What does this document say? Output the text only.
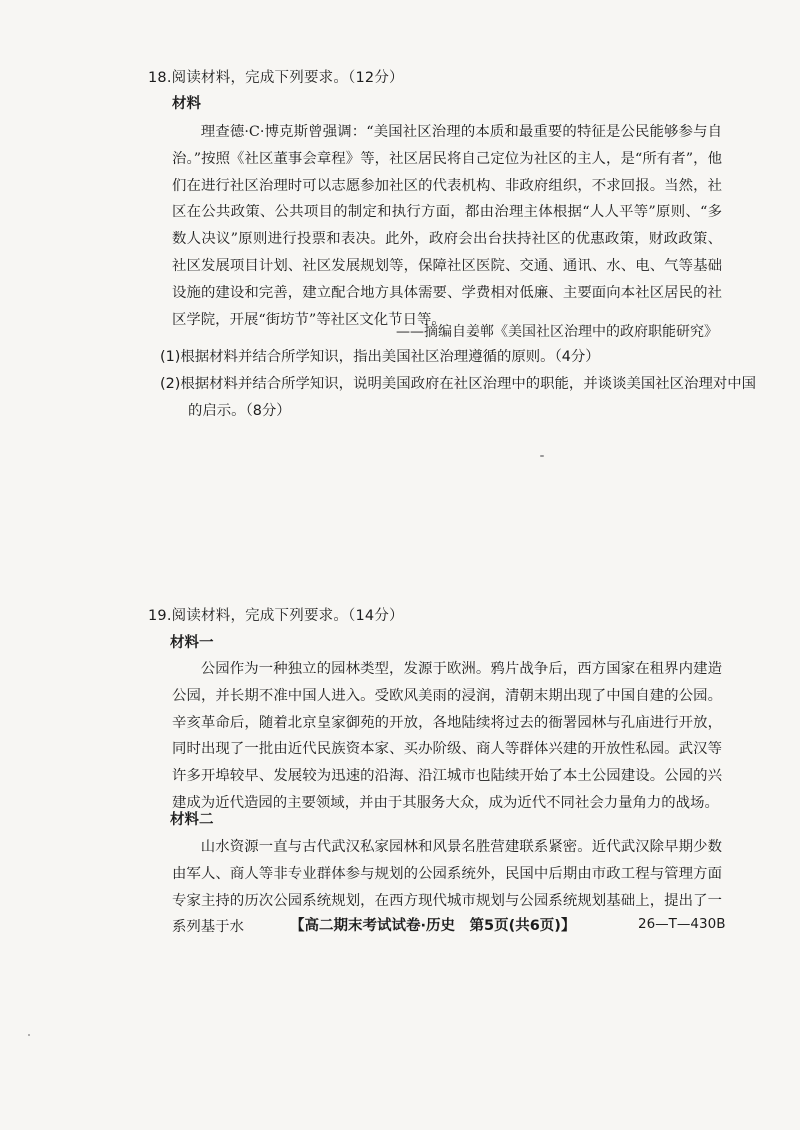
18.阅读材料，完成下列要求。（12分）
材料

理查德·C·博克斯曾强调：“美国社区治理的本质和最重要的特征是公民能够参与自治。”按照《社区董事会章程》等，社区居民将自己定位为社区的主人，是“所有者”，他们在进行社区治理时可以志愿参加社区的代表机构、非政府组织，不求回报。当然，社区在公共政策、公共项目的制定和执行方面，都由治理主体根据“人人平等”原则、“多数人决议”原则进行投票和表决。此外，政府会出台扶持社区的优惠政策，财政政策、社区发展项目计划、社区发展规划等，保障社区医院、交通、通讯、水、电、气等基础设施的建设和完善，建立配合地方具体需要、学费相对低廉、主要面向本社区居民的社区学院，开展“街坊节”等社区文化节日等。

——摘编自姜郸《美国社区治理中的政府职能研究》

(1)根据材料并结合所学知识，指出美国社区治理遵循的原则。（4分）

(2)根据材料并结合所学知识，说明美国政府在社区治理中的职能，并谈谈美国社区治理对中国的启示。（8分）

19.阅读材料，完成下列要求。（14分）
材料一

公园作为一种独立的园林类型，发源于欧洲。鸦片战争后，西方国家在租界内建造公园，并长期不准中国人进入。受欧风美雨的浸润，清朝末期出现了中国自建的公园。辛亥革命后，随着北京皇家御苑的开放，各地陆续将过去的衙署园林与孔庙进行开放，同时出现了一批由近代民族资本家、买办阶级、商人等群体兴建的开放性私园。武汉等许多开埠较早、发展较为迅速的沿海、沿江城市也陆续开始了本土公园建设。公园的兴建成为近代造园的主要领域，并由于其服务大众，成为近代不同社会力量角力的战场。

材料二

山水资源一直与古代武汉私家园林和风景名胜营建联系紧密。近代武汉除早期少数由军人、商人等非专业群体参与规划的公园系统外，民国中后期由市政工程与管理方面专家主持的历次公园系统规划，在西方现代城市规划与公园系统规划基础上，提出了一系列基于水	【高二期末考试试卷·历史　第5页(共6页)】	26—T—430B
